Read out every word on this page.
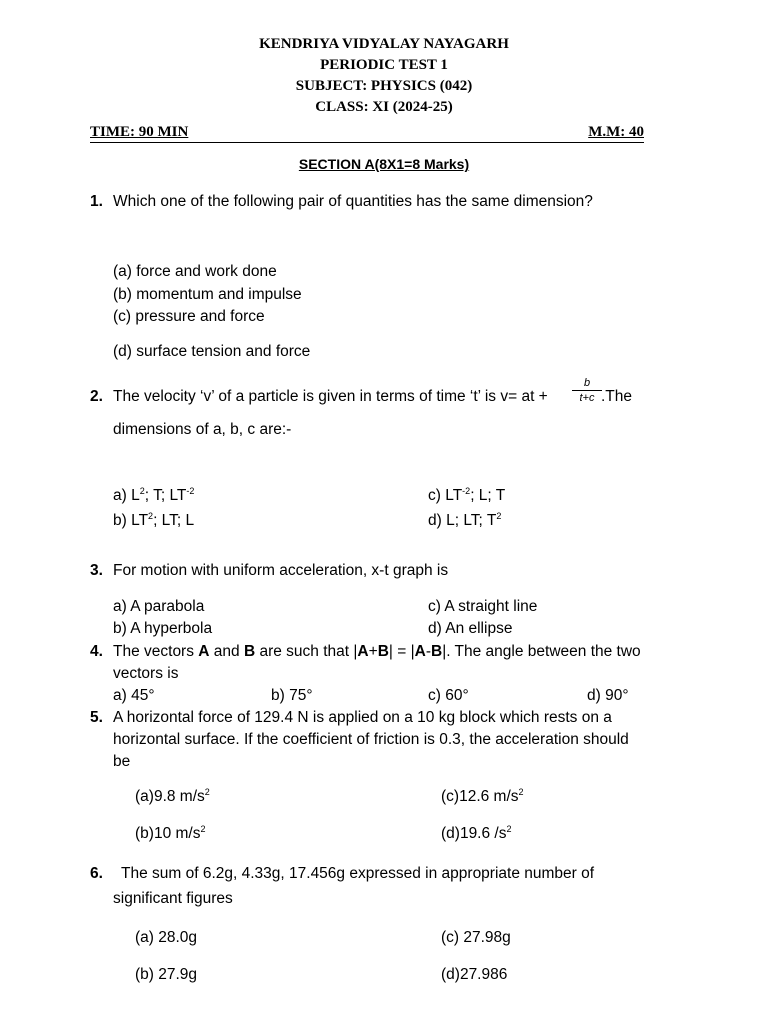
KENDRIYA VIDYALAY NAYAGARH
PERIODIC TEST 1
SUBJECT: PHYSICS (042)
CLASS: XI (2024-25)
TIME: 90 MIN	M.M: 40
SECTION A(8X1=8 Marks)
1. Which one of the following pair of quantities has the same dimension?
(a) force and work done
(b) momentum and impulse
(c) pressure and force
(d) surface tension and force
2. The velocity ‘v’ of a particle is given in terms of time ‘t’ is v= at +
b
t+c .The
dimensions of a, b, c are:-
a) $L^2$; T; $LT^{-2}$
b) $LT^2$; LT; L
c) $LT^{-2}$; L; T
d) L; LT; $T^2$
3. For motion with uniform acceleration, x-t graph is
a) A parabola
b) A hyperbola
c) A straight line
d) An ellipse
4. The vectors A and B are such that |A+B| = |A-B|. The angle between the two
vectors is
a) 45°	b) 75°	c) 60°	d) 90°
5. A horizontal force of 129.4 N is applied on a 10 kg block which rests on a
horizontal surface. If the coefficient of friction is 0.3, the acceleration should
be
(a)9.8 $m/s^2$
(b)10 $m/s^2$
(c)12.6 $m/s^2$
(d)19.6 $/s^2$
6. The sum of 6.2g, 4.33g, 17.456g expressed in appropriate number of
significant figures
(a) 28.0g
(b) 27.9g
(c) 27.98g
(d)27.986
